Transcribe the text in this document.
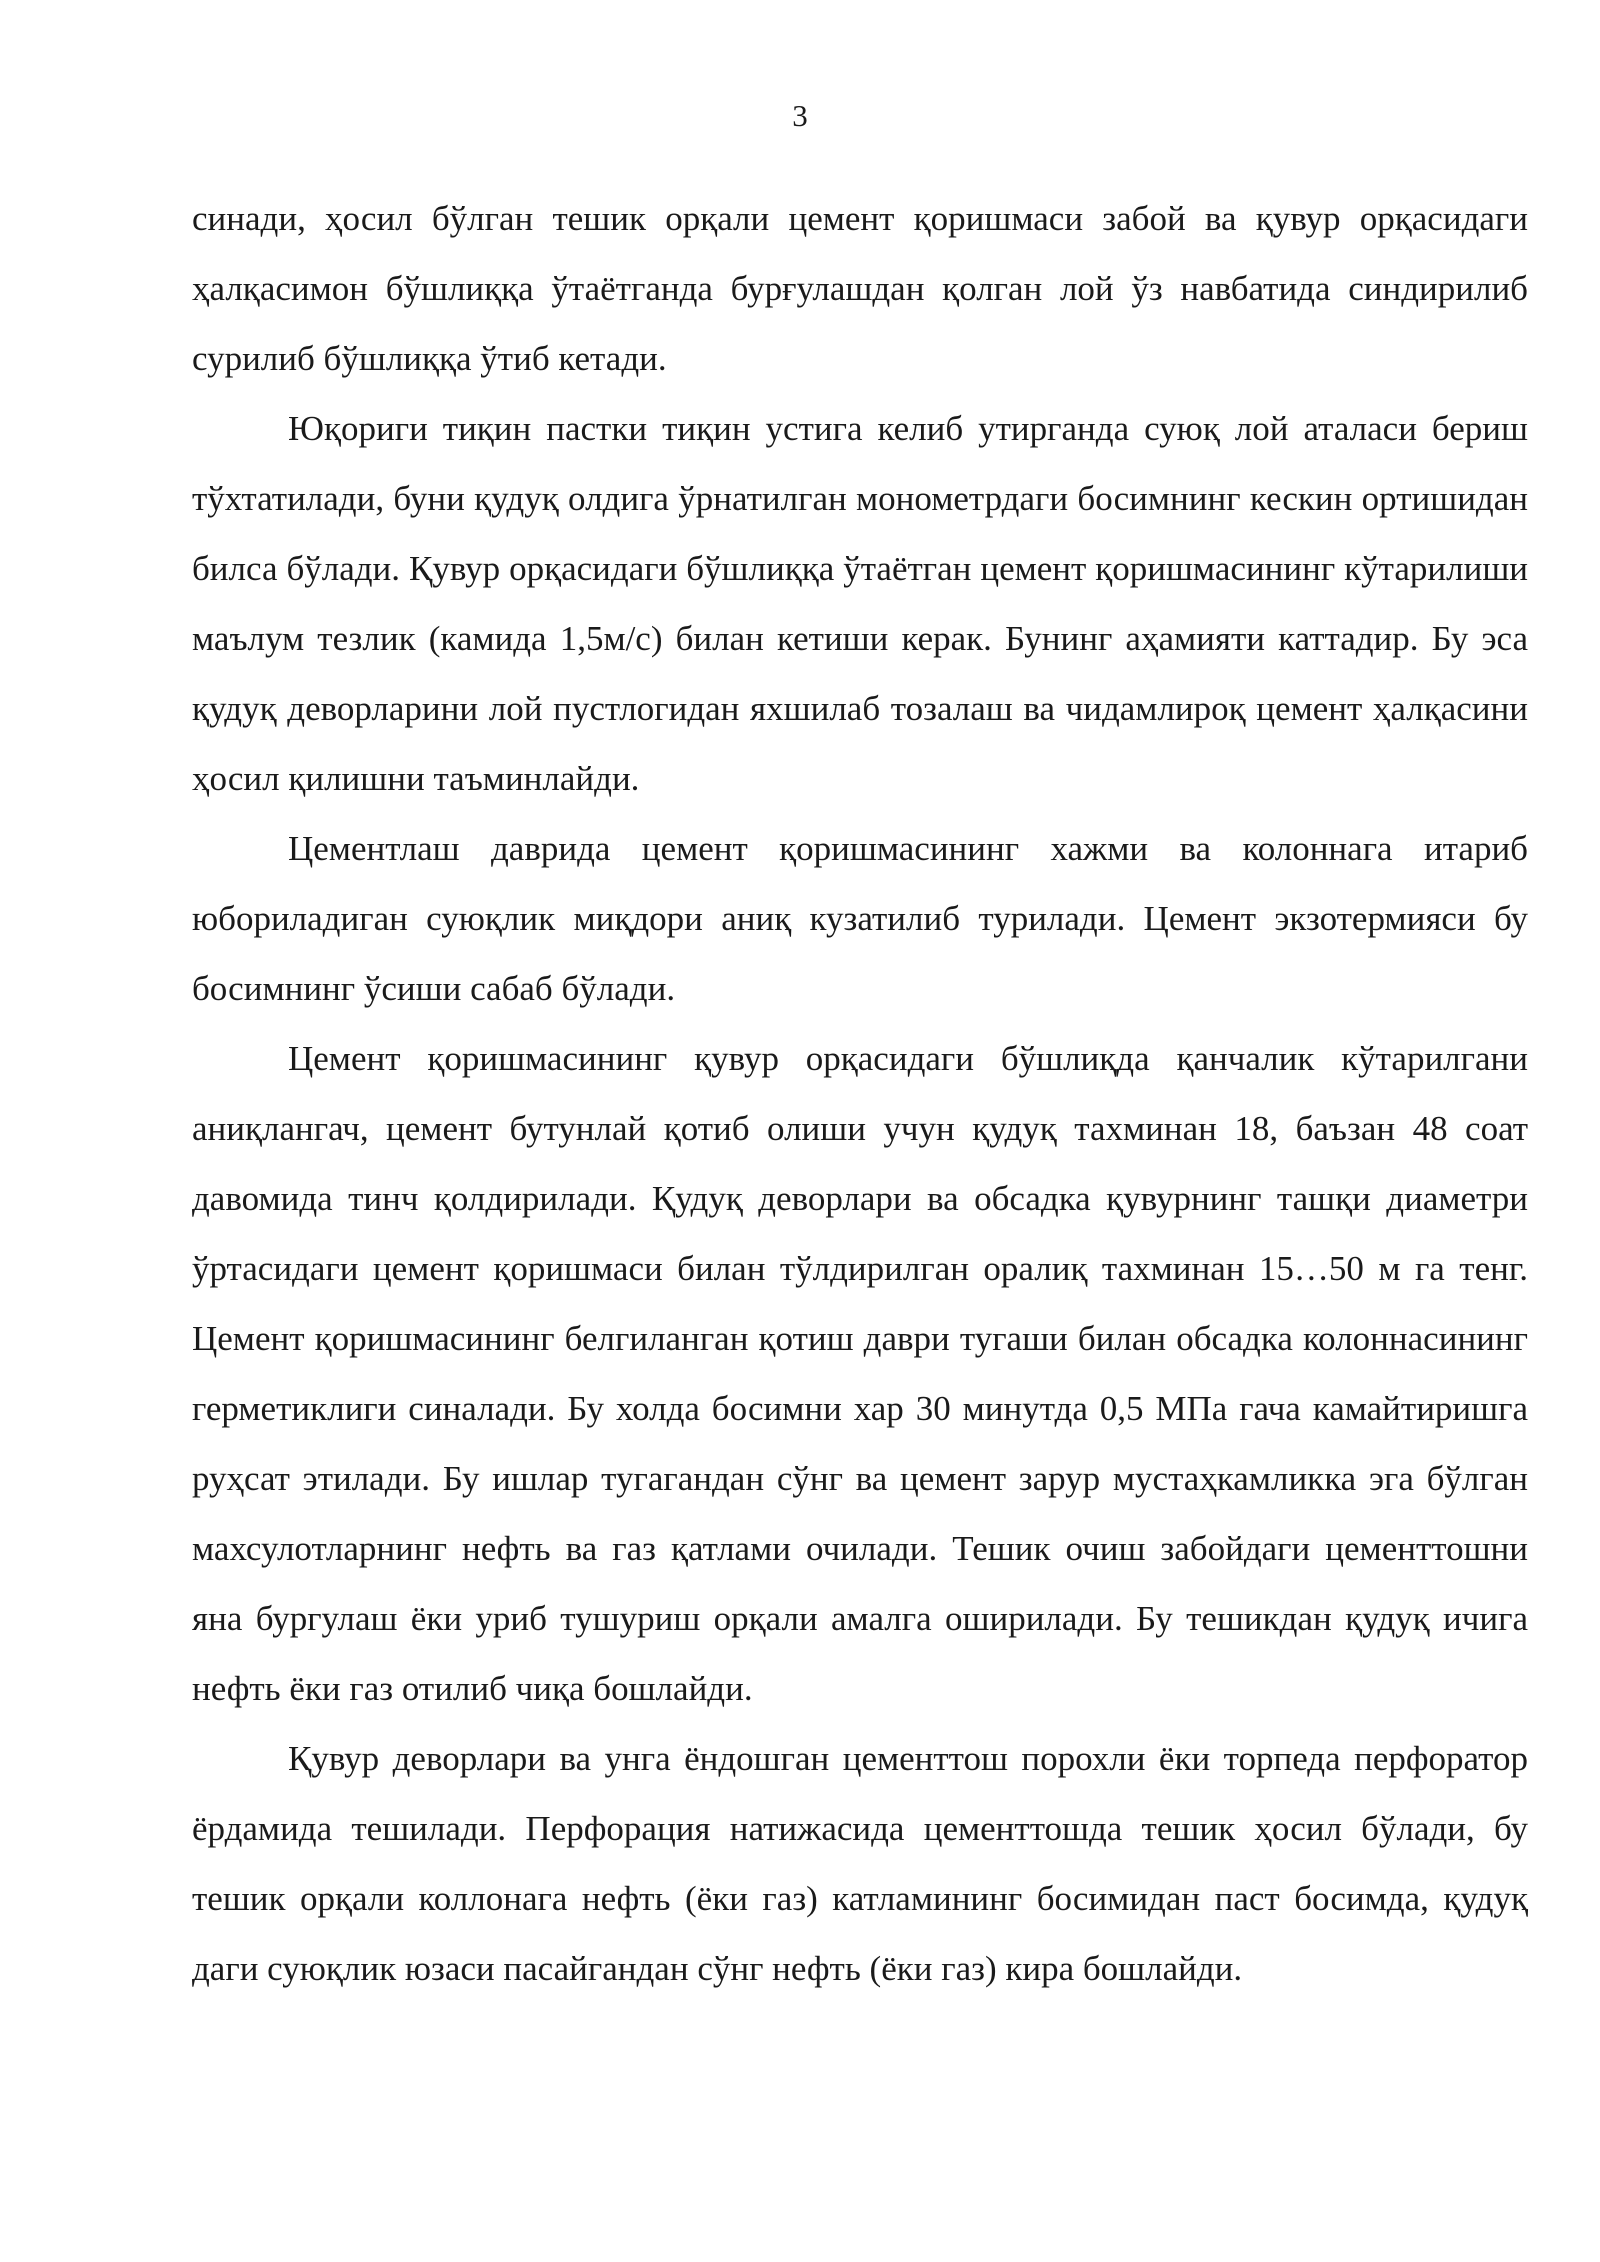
3

синади, ҳосил бўлган тешик орқали цемент қоришмаси забой ва қувур орқасидаги ҳалқасимон бўшлиққа ўтаётганда бурғулашдан қолган лой ўз навбатида синдирилиб сурилиб бўшлиққа ўтиб кетади.

Юқориги тиқин пастки тиқин устига келиб утирганда суюқ лой аталаси бериш тўхтатилади, буни қудуқ олдига ўрнатилган монометрдаги босимнинг кескин ортишидан билса бўлади. Қувур орқасидаги бўшлиққа ўтаётган цемент қоришмасининг кўтарилиши маълум тезлик (камида 1,5м/с) билан кетиши керак. Бунинг аҳамияти каттадир. Бу эса қудуқ деворларини лой пустлогидан яхшилаб тозалаш ва чидамлироқ цемент ҳалқасини ҳосил қилишни таъминлайди.

Цементлаш даврида цемент қоришмасининг хажми ва колоннага итариб юбориладиган суюқлик миқдори аниқ кузатилиб турилади. Цемент экзотермияси бу босимнинг ўсиши сабаб бўлади.

Цемент қоришмасининг қувур орқасидаги бўшлиқда қанчалик кўтарилгани аниқлангач, цемент бутунлай қотиб олиши учун қудуқ тахминан 18, баъзан 48 соат давомида тинч қолдирилади. Қудуқ деворлари ва обсадка қувурнинг ташқи диаметри ўртасидаги цемент қоришмаси билан тўлдирилган оралиқ тахминан 15…50 м га тенг. Цемент қоришмасининг белгиланган қотиш даври тугаши билан обсадка колоннасининг герметиклиги синалади. Бу холда босимни хар 30 минутда 0,5 МПа гача камайтиришга руҳсат этилади. Бу ишлар тугагандан сўнг ва цемент зарур мустаҳкамликка эга бўлган махсулотларнинг нефть ва газ қатлами очилади. Тешик очиш забойдаги цементтошни яна бургулаш ёки уриб тушуриш орқали амалга оширилади. Бу тешикдан қудуқ ичига нефть ёки газ отилиб чиқа бошлайди.

Қувур деворлари ва унга ёндошган цементтош порохли ёки торпеда перфоратор ёрдамида тешилади. Перфорация натижасида цементтошда тешик ҳосил бўлади, бу тешик орқали коллонага нефть (ёки газ) катламининг босимидан паст босимда, қудуқ даги суюқлик юзаси пасайгандан сўнг нефть (ёки газ) кира бошлайди.
